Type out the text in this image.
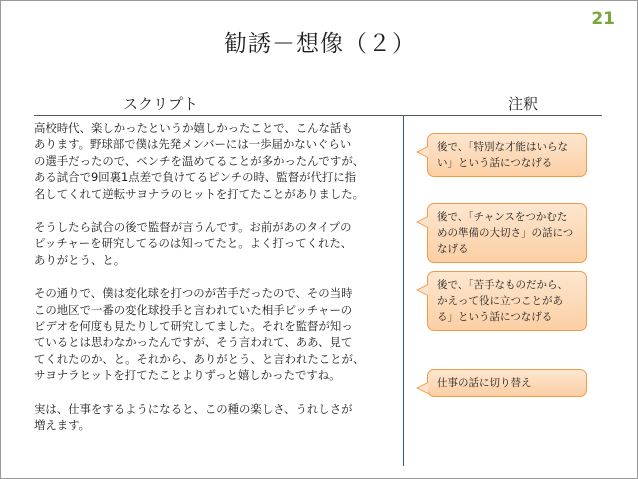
21
勧誘－想像（２）
スクリプト	注釈

高校時代、楽しかったというか嬉しかったことで、こんな話も
あります。野球部で僕は先発メンバーには一歩届かないぐらい
の選手だったので、ベンチを温めてることが多かったんですが、
ある試合で9回裏1点差で負けてるピンチの時、監督が代打に指
名してくれて逆転サヨナラのヒットを打てたことがありました。

そうしたら試合の後で監督が言うんです。お前があのタイプの
ピッチャーを研究してるのは知ってたと。よく打ってくれた、
ありがとう、と。

その通りで、僕は変化球を打つのが苦手だったので、その当時
この地区で一番の変化球投手と言われていた相手ピッチャーの
ビデオを何度も見たりして研究してました。それを監督が知っ
ているとは思わなかったんですが、そう言われて、ああ、見て
てくれたのか、と。それから、ありがとう、と言われたことが、
サヨナラヒットを打てたことよりずっと嬉しかったですね。

実は、仕事をするようになると、この種の楽しさ、うれしさが
増えます。

後で、「特別な才能はいらな
い」という話につなげる
後で、「チャンスをつかむた
めの準備の大切さ」の話につ
なげる
後で、「苦手なものだから、
かえって役に立つことがあ
る」という話につなげる
仕事の話に切り替え
